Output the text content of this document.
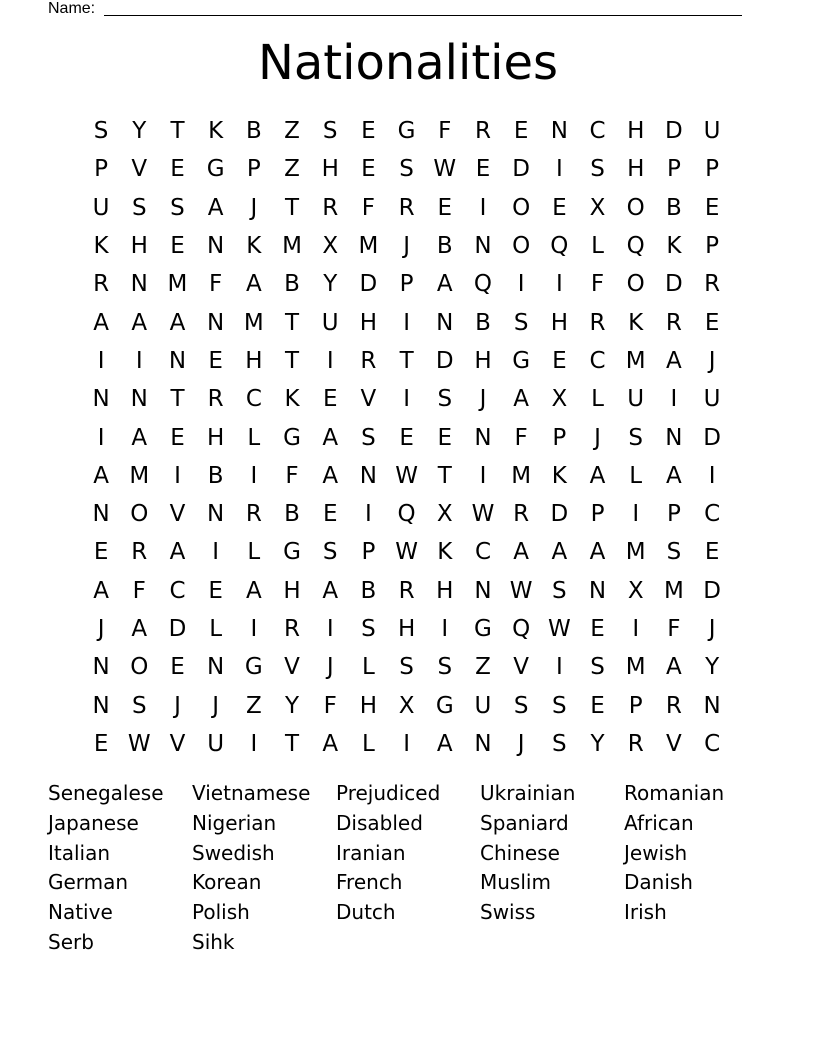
Name:
Nationalities
S	Y	T	K B Z	S	E G F	R E N C H D U
P	V	E G P	Z H E	S W E D	I	S H P	P
U S	S	A	J	T	R	F	R E	I	O E	X O B	E
K H E N K M X M	J	B N O Q L Q K	P
R N M F	A B	Y D P	A Q	I	I	F O D R
A A A N M T U H	I	N B S H R K R E
I	I	N E H T	I	R	T D H G E C M A	J
N N T	R C K	E	V	I	S	J	A X	L	U	I	U
I	A	E H	L G A	S	E	E N F	P	J	S N D
A M	I	B	I	F	A N W T	I	M K A	L	A	I
N O V N R B	E	I	Q X W R D P	I	P	C
E R A	I	L G S	P W K C A A A M S	E
A	F	C E	A H A B R H N W S N X M D
J	A D L	I	R	I	S H	I	G Q W E	I	F	J
N O E N G V	J	L	S	S	Z V	I	S M A	Y
N S	J	J	Z	Y	F H X G U S	S	E	P	R N
E W V U	I	T	A	L	I	A N	J	S	Y	R V C
Senegalese	Vietnamese	Prejudiced	Ukrainian	Romanian
Japanese	Nigerian	Disabled	Spaniard	African
Italian	Swedish	Iranian	Chinese	Jewish
German	Korean	French	Muslim	Danish
Native	Polish	Dutch	Swiss	Irish
Serb	Sihk
